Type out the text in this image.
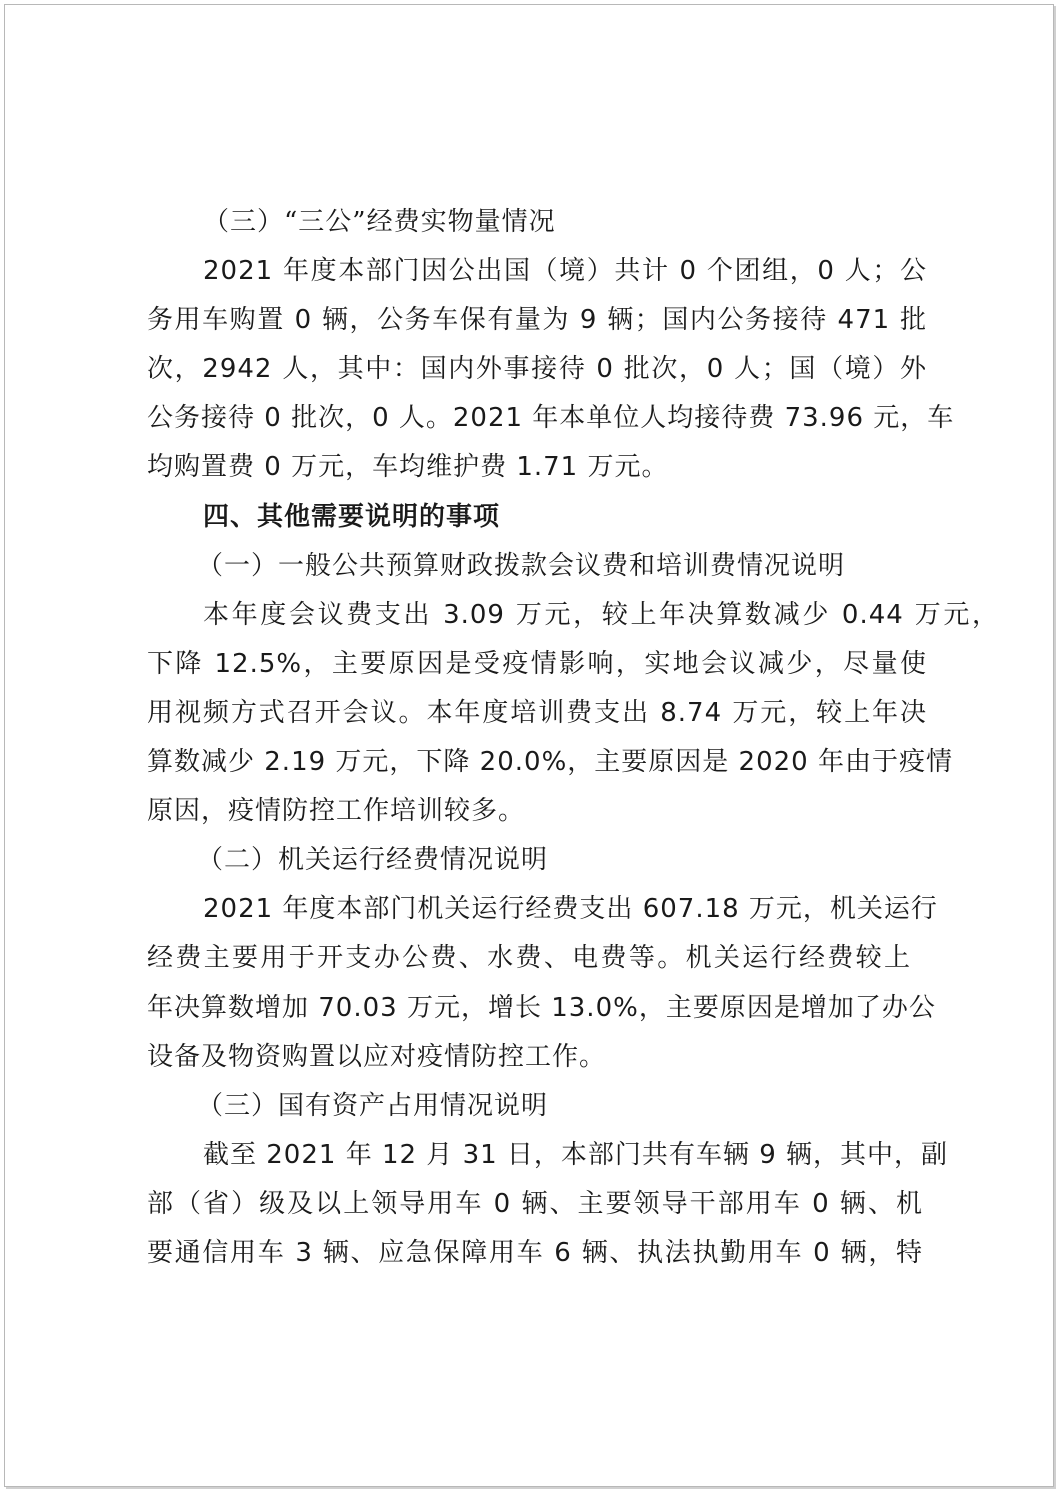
（三）“三公”经费实物量情况
2021 年度本部门因公出国（境）共计 0 个团组，0 人；公
务用车购置 0 辆，公务车保有量为 9 辆；国内公务接待 471 批
次，2942 人，其中：国内外事接待 0 批次，0 人；国（境）外
公务接待 0 批次，0 人。2021 年本单位人均接待费 73.96 元，车
均购置费 0 万元，车均维护费 1.71 万元。
四、其他需要说明的事项
（一）一般公共预算财政拨款会议费和培训费情况说明
本年度会议费支出 3.09 万元，较上年决算数减少 0.44 万元，
下降 12.5%，主要原因是受疫情影响，实地会议减少，尽量使
用视频方式召开会议。本年度培训费支出 8.74 万元，较上年决
算数减少 2.19 万元，下降 20.0%，主要原因是 2020 年由于疫情
原因，疫情防控工作培训较多。
（二）机关运行经费情况说明
2021 年度本部门机关运行经费支出 607.18 万元，机关运行
经费主要用于开支办公费、水费、电费等。机关运行经费较上
年决算数增加 70.03 万元，增长 13.0%，主要原因是增加了办公
设备及物资购置以应对疫情防控工作。
（三）国有资产占用情况说明
截至 2021 年 12 月 31 日，本部门共有车辆 9 辆，其中，副
部（省）级及以上领导用车 0 辆、主要领导干部用车 0 辆、机
要通信用车 3 辆、应急保障用车 6 辆、执法执勤用车 0 辆，特
